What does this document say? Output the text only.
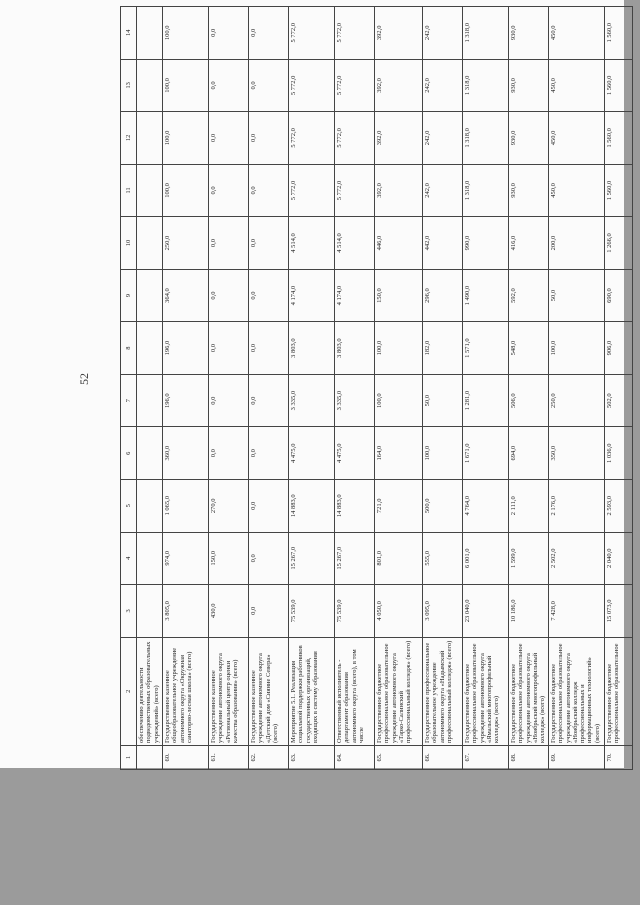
52
1	2	3	4	5	6	7	8	9	10	11	12	13	14
	обеспечению деятельности подведомственных образовательных учреждений» (всего)												
60.	Государственное казенное общеобразовательное учреждение автономного округа «Окружная санаторно-лесная школа» (всего)	3 805,0	974,0	1 065,0	360,0	196,0	196,0	364,0	250,0	100,0	100,0	100,0	100,0
61.	Государственное казенное учреждение автономного округа «Региональный центр оценки качества образования» (всего)	430,0	150,0	270,0	0,0	0,0	0,0	0,0	0,0	0,0	0,0	0,0	0,0
62.	Государственное казенное учреждение автономного округа «Детский дом «Сияние Севера» (всего)	0,0	0,0	0,0	0,0	0,0	0,0	0,0	0,0	0,0	0,0	0,0	0,0
63.	Мероприятие 5.1. Реализация социальной поддержки работников государственных организаций, входящих в систему образования	75 539,0	15 267,0	14 883,0	4 475,0	3 335,0	3 803,0	4 174,0	4 514,0	5 772,0	5 772,0	5 772,0	5 772,0
64.	Ответственный исполнитель - департамент образования автономного округа (всего), в том числе	75 539,0	15 267,0	14 883,0	4 475,0	3 335,0	3 803,0	4 174,0	4 514,0	5 772,0	5 772,0	5 772,0	5 772,0
65.	Государственное бюджетное профессиональное образовательное учреждение автономного округа «Тарко-Салинский профессиональный колледж» (всего)	4 050,0	801,0	721,0	164,0	100,0	100,0	150,0	446,0	392,0	392,0	392,0	392,0
66.	Государственное профессиональное образовательное учреждение автономного округа «Надымский профессиональный колледж» (всего)	3 095,0	555,0	500,0	100,0	50,0	182,0	296,0	442,0	242,0	242,0	242,0	242,0
67.	Государственное бюджетное профессиональное образовательное учреждение автономного округа «Ямальский многопрофильный колледж» (всего)	23 040,0	6 001,0	4 764,0	1 671,0	1 281,0	1 571,0	1 490,0	990,0	1 318,0	1 318,0	1 318,0	1 318,0
68.	Государственное бюджетное профессиональное образовательное учреждение автономного округа «Ноябрьский многопрофильный колледж» (всего)	10 186,0	1 599,0	2 111,0	694,0	506,0	548,0	592,0	416,0	930,0	930,0	930,0	930,0
69.	Государственное бюджетное профессиональное образовательное учреждение автономного округа «Ноябрьский колледж профессиональных и информационных технологий» (всего)	7 428,0	2 502,0	2 176,0	350,0	250,0	100,0	50,0	200,0	450,0	450,0	450,0	450,0
70.	Государственное бюджетное профессиональное образовательное	15 073,0	2 040,0	2 593,0	1 036,0	502,0	906,0	690,0	1 266,0	1 560,0	1 560,0	1 560,0	1 560,0
